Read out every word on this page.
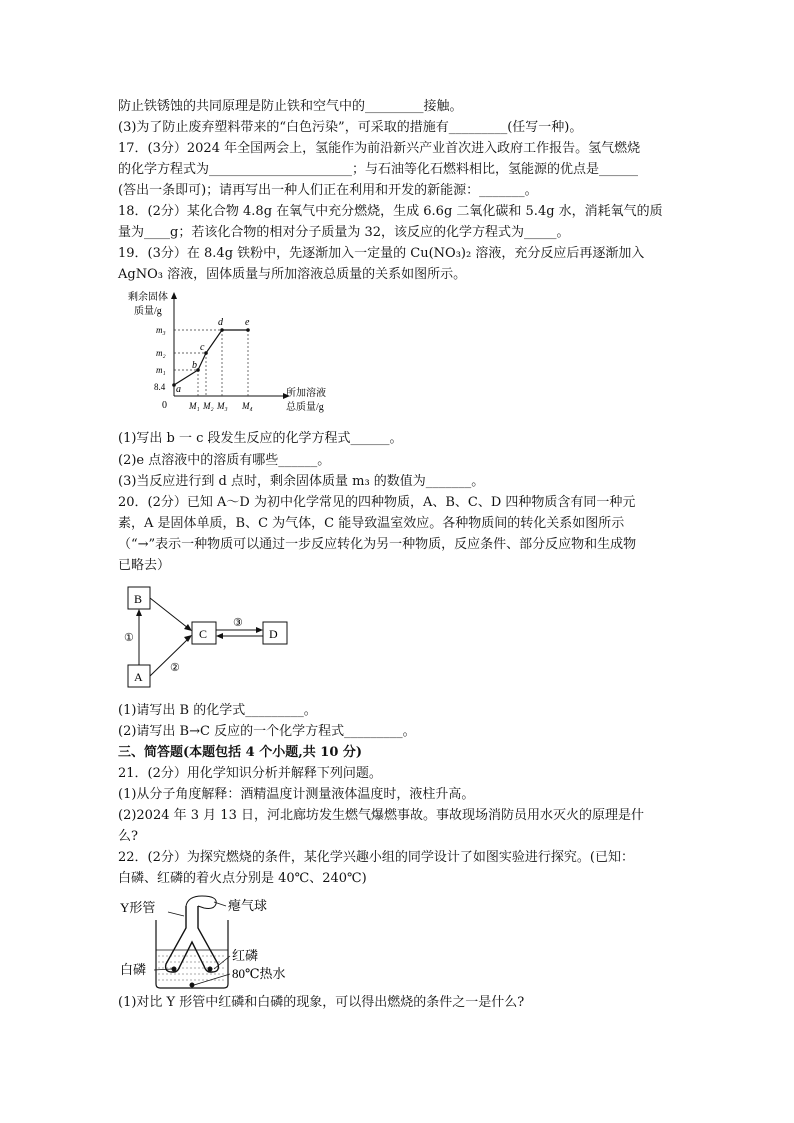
防止铁锈蚀的共同原理是防止铁和空气中的_________接触。
(3)为了防止废弃塑料带来的“白色污染”，可采取的措施有_________(任写一种)。
17．(3分）2024 年全国两会上，氢能作为前沿新兴产业首次进入政府工作报告。氢气燃烧
的化学方程式为______________________；与石油等化石燃料相比，氢能源的优点是______
(答出一条即可)；请再写出一种人们正在利用和开发的新能源：_______。
18．(2分）某化合物 4.8g 在氧气中充分燃烧，生成 6.6g 二氧化碳和 5.4g 水，消耗氧气的质
量为____g；若该化合物的相对分子质量为 32，该反应的化学方程式为_____。
19．(3分）在 8.4g 铁粉中，先逐渐加入一定量的 Cu(NO₃)₂ 溶液，充分反应后再逐渐加入
AgNO₃ 溶液，固体质量与所加溶液总质量的关系如图所示。
剩余固体
质量/g
所加溶液
总质量/g
0
m₃
m₂
m₁
8.4 a
b
c
d e
M₁ M₂ M₃ M₄
(1)写出 b 一 c 段发生反应的化学方程式______。
(2)e 点溶液中的溶质有哪些______。
(3)当反应进行到 d 点时，剩余固体质量 m₃ 的数值为_______。
20．(2分）已知 A～D 为初中化学常见的四种物质，A、B、C、D 四种物质含有同一种元
素，A 是固体单质，B、C 为气体，C 能导致温室效应。各种物质间的转化关系如图所示
（“→”表示一种物质可以通过一步反应转化为另一种物质，反应条件、部分反应物和生成物
已略去）
B
C	D
A
①
②
③
(1)请写出 B 的化学式_________。
(2)请写出 B→C 反应的一个化学方程式_________。
三、简答题(本题包括 4 个小题,共 10 分)
21．(2分）用化学知识分析并解释下列问题。
(1)从分子角度解释：酒精温度计测量液体温度时，液柱升高。
(2)2024 年 3 月 13 日，河北廊坊发生燃气爆燃事故。事故现场消防员用水灭火的原理是什
么?
22．(2分）为探究燃烧的条件，某化学兴趣小组的同学设计了如图实验进行探究。(已知：
白磷、红磷的着火点分别是 40℃、240℃)
Y形管	瘪气球
红磷
白磷	80℃热水
(1)对比 Y 形管中红磷和白磷的现象，可以得出燃烧的条件之一是什么?
